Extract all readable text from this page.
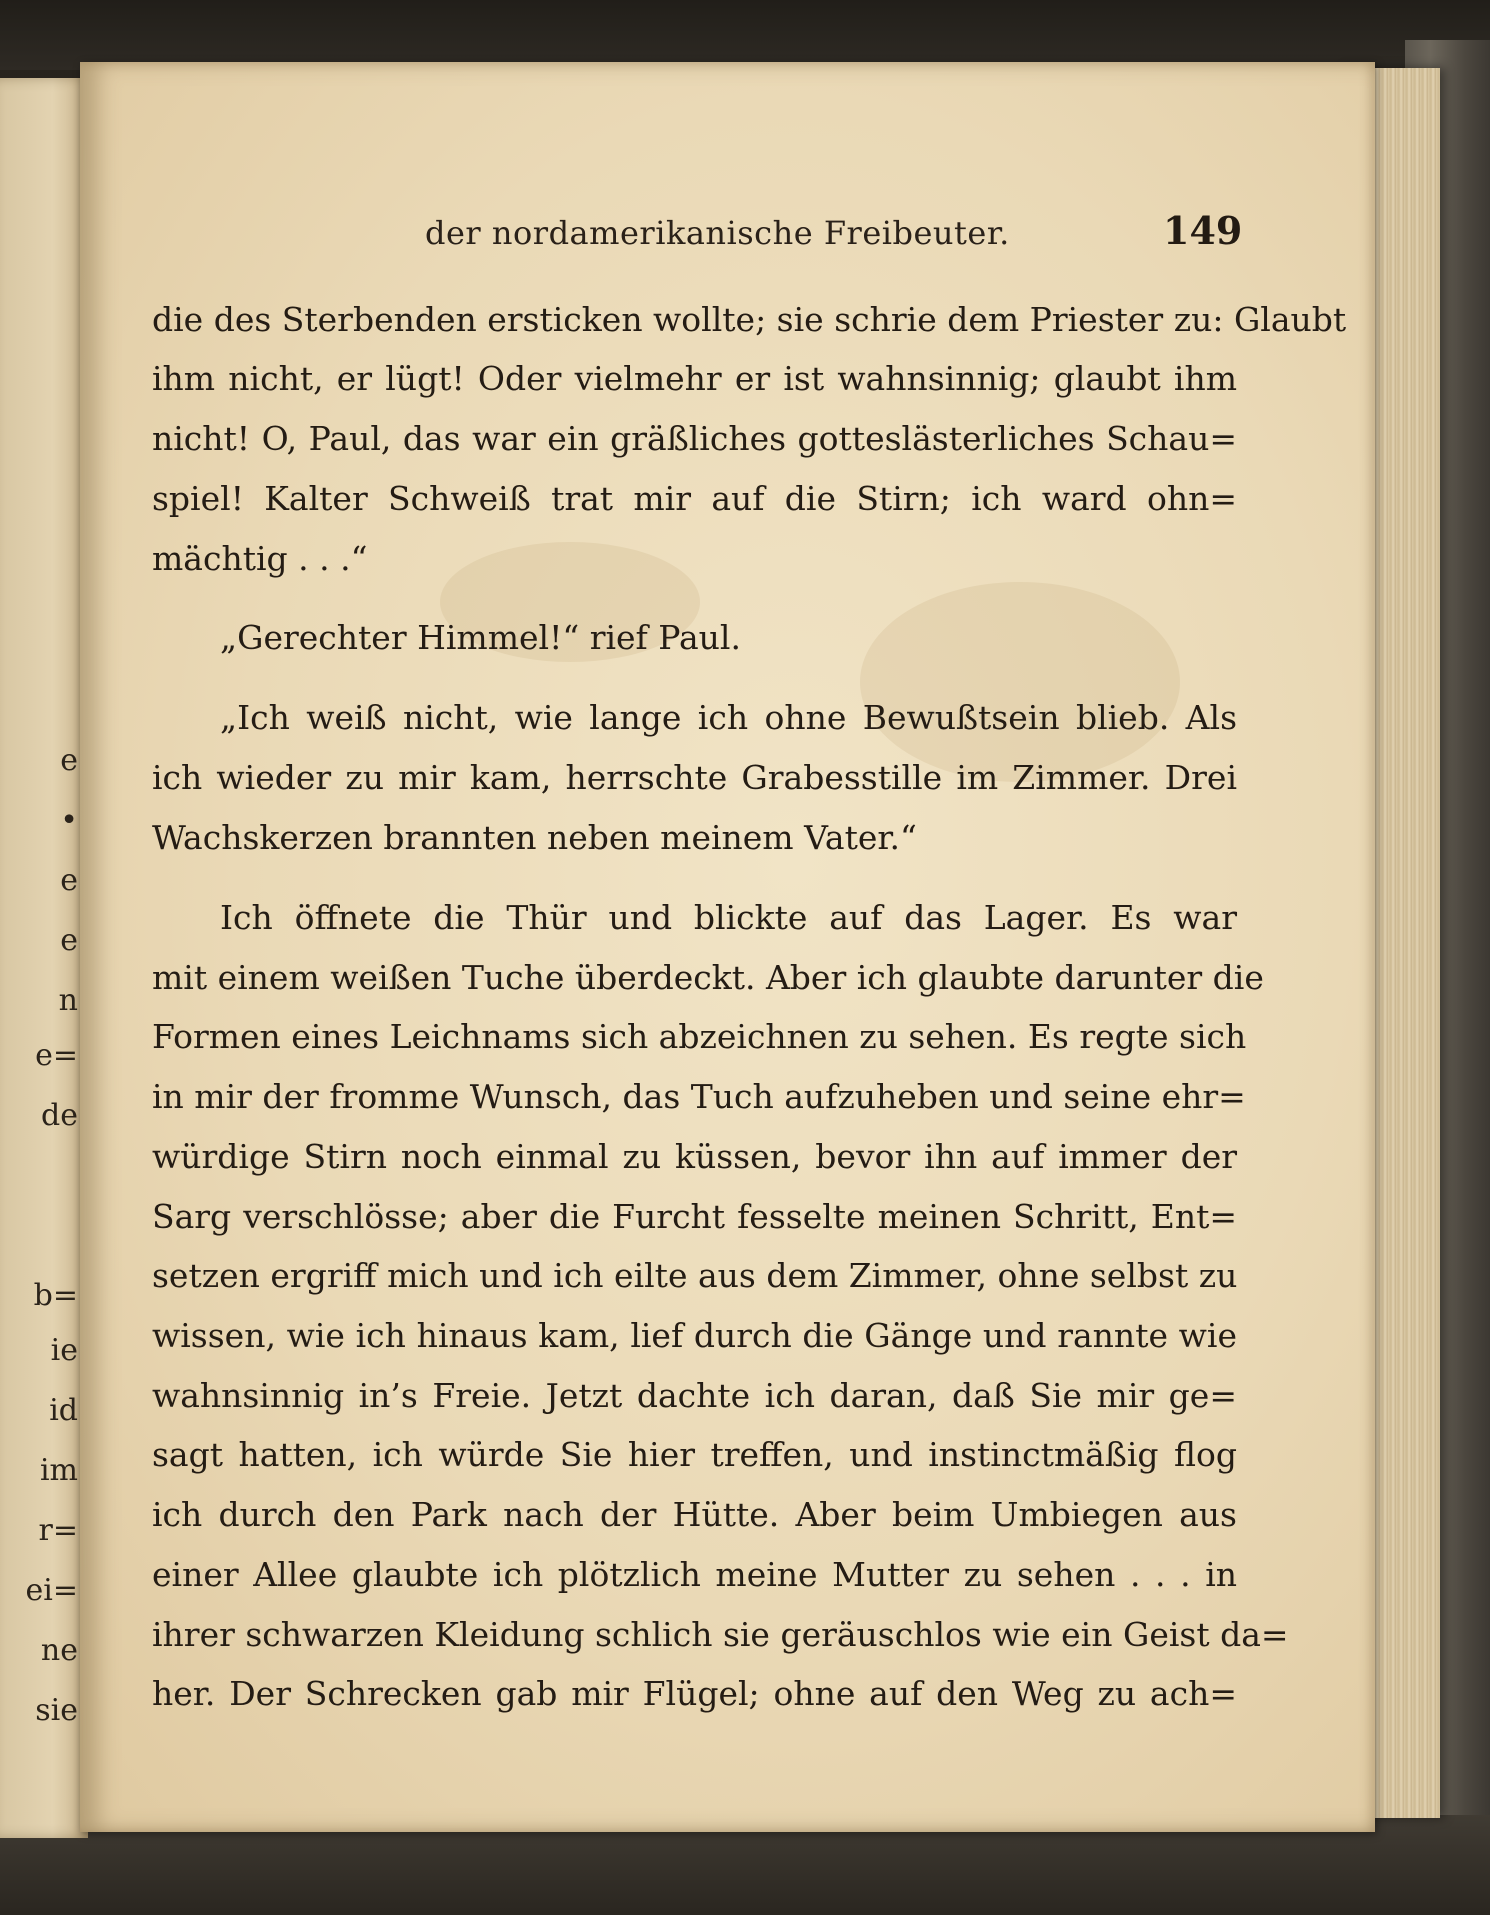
e
•
e
e
n
e=
de
b=
ie
id
im
r=
ei=
ne
sie
der nordamerikanische Freibeuter.	149
die des Sterbenden ersticken wollte; sie schrie dem Priester zu: Glaubt
ihm nicht, er lügt! Oder vielmehr er ist wahnsinnig; glaubt ihm
nicht! O, Paul, das war ein gräßliches gotteslästerliches Schau=
spiel! Kalter Schweiß trat mir auf die Stirn; ich ward ohn=
mächtig . . .“
„Gerechter Himmel!“ rief Paul.
„Ich weiß nicht, wie lange ich ohne Bewußtsein blieb. Als
ich wieder zu mir kam, herrschte Grabesstille im Zimmer. Drei
Wachskerzen brannten neben meinem Vater.“
Ich öffnete die Thür und blickte auf das Lager. Es war
mit einem weißen Tuche überdeckt. Aber ich glaubte darunter die
Formen eines Leichnams sich abzeichnen zu sehen. Es regte sich
in mir der fromme Wunsch, das Tuch aufzuheben und seine ehr=
würdige Stirn noch einmal zu küssen, bevor ihn auf immer der
Sarg verschlösse; aber die Furcht fesselte meinen Schritt, Ent=
setzen ergriff mich und ich eilte aus dem Zimmer, ohne selbst zu
wissen, wie ich hinaus kam, lief durch die Gänge und rannte wie
wahnsinnig in’s Freie. Jetzt dachte ich daran, daß Sie mir ge=
sagt hatten, ich würde Sie hier treffen, und instinctmäßig flog
ich durch den Park nach der Hütte. Aber beim Umbiegen aus
einer Allee glaubte ich plötzlich meine Mutter zu sehen . . . in
ihrer schwarzen Kleidung schlich sie geräuschlos wie ein Geist da=
her. Der Schrecken gab mir Flügel; ohne auf den Weg zu ach=
